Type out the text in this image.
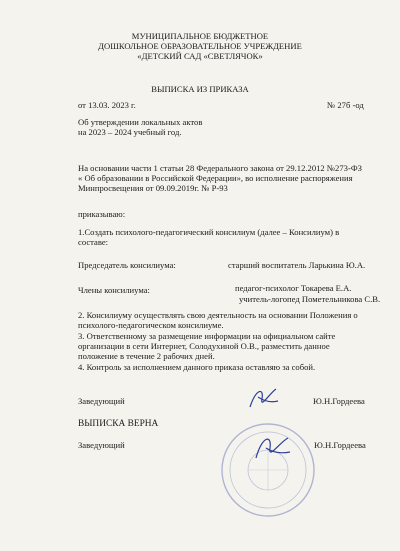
МУНИЦИПАЛЬНОЕ БЮДЖЕТНОЕ
ДОШКОЛЬНОЕ ОБРАЗОВАТЕЛЬНОЕ УЧРЕЖДЕНИЕ
«ДЕТСКИЙ САД «СВЕТЛЯЧОК»
ВЫПИСКА ИЗ ПРИКАЗА
от 13.03. 2023 г.	№ 27б -од
Об утверждении локальных актов
на 2023 – 2024 учебный год.
На основании части 1 статьи 28 Федерального закона от 29.12.2012 №273-ФЗ
« Об образовании в Российской Федерации», во исполнение распоряжения
Минпросвещения от 09.09.2019г. № Р-93
приказываю:
1.Создать психолого-педагогический консилиум (далее – Консилиум) в
составе:
Председатель консилиума:	старший воспитатель Ларькина Ю.А.
Члены консилиума:	педагог-психолог Токарева Е.А.
учитель-логопед Пометельникова С.В.
2. Консилиуму осуществлять свою деятельность на основании Положения о
психолого-педагогическом консилиуме.
3. Ответственному за размещение информации на официальном сайте
организации в сети Интернет, Солодухиной О.В., разместить данное
положение в течение 2 рабочих дней.
4. Контроль за исполнением данного приказа оставляю за собой.
Заведующий	Ю.Н.Гордеева
ВЫПИСКА ВЕРНА
Заведующий	Ю.Н.Гордеева
